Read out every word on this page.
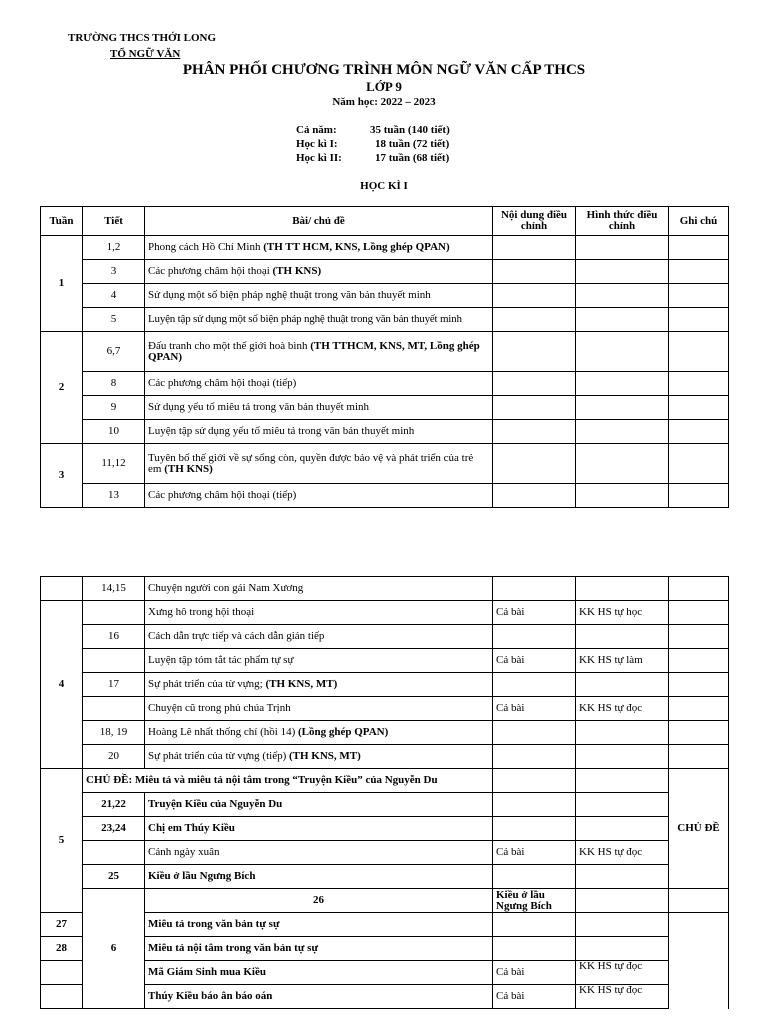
TRƯỜNG THCS THỚI LONG
TỔ NGỮ VĂN
PHÂN PHỐI CHƯƠNG TRÌNH MÔN NGỮ VĂN CẤP THCS
LỚP 9
Năm học: 2022 – 2023
Cả năm:	35 tuần (140 tiết)
Học kì I:	18 tuần (72 tiết)
Học kì II:	17 tuần (68 tiết)
HỌC KÌ I
Tuần	Tiết	Bài/ chủ đề	Nội dung điều chỉnh	Hình thức điều chỉnh	Ghi chú
1	1,2	Phong cách Hồ Chí Minh (TH TT HCM, KNS, Lồng ghép QPAN)			
	3	Các phương châm hội thoại (TH KNS)			
	4	Sử dụng một số biện pháp nghệ thuật trong văn bản thuyết minh			
	5	Luyện tập sử dụng một số biện pháp nghệ thuật trong văn bản thuyết minh			
2	6,7	Đấu tranh cho một thế giới hoà bình (TH TTHCM, KNS, MT, Lồng ghép QPAN)			
	8	Các phương châm hội thoại (tiếp)			
	9	Sử dụng yếu tố miêu tả trong văn bản thuyết minh			
	10	Luyện tập sử dụng yếu tố miêu tả trong văn bản thuyết minh			
3	11,12	Tuyên bố thế giới về sự sống còn, quyền được bảo vệ và phát triển của trẻ em (TH KNS)			
	13	Các phương châm hội thoại (tiếp)			
	14,15	Chuyện người con gái Nam Xương				
4		Xưng hô trong hội thoại	Cả bài	KK HS tự học		
	16	Cách dẫn trực tiếp và cách dẫn gián tiếp				
		Luyện tập tóm tắt tác phẩm tự sự	Cả bài	KK HS tự làm		
	17	Sự phát triển của từ vựng; (TH KNS, MT)				
		Chuyện cũ trong phủ chúa Trịnh	Cả bài	KK HS tự đọc		
	18, 19	Hoàng Lê nhất thống chí (hồi 14) (Lồng ghép QPAN)				
	20	Sự phát triển của từ vựng (tiếp) (TH KNS, MT)				
5	CHỦ ĐỀ: Miêu tả và miêu tả nội tâm trong “Truyện Kiều” của Nguyễn Du				CHỦ ĐỀ	
	21,22	Truyện Kiều của Nguyễn Du				
	23,24	Chị em Thúy Kiều				
		Cảnh ngày xuân	Cả bài	KK HS tự đọc		
	25	Kiều ở lầu Ngưng Bích				
	6	26	Kiều ở lầu Ngưng Bích			
27		Miêu tả trong văn bản tự sự				
28		Miêu tả nội tâm trong văn bản tự sự				
		Mã Giám Sinh mua Kiều	Cả bài	KK HS tự đọc		
		Thúy Kiều báo ân báo oán	Cả bài	KK HS tự đọc		
